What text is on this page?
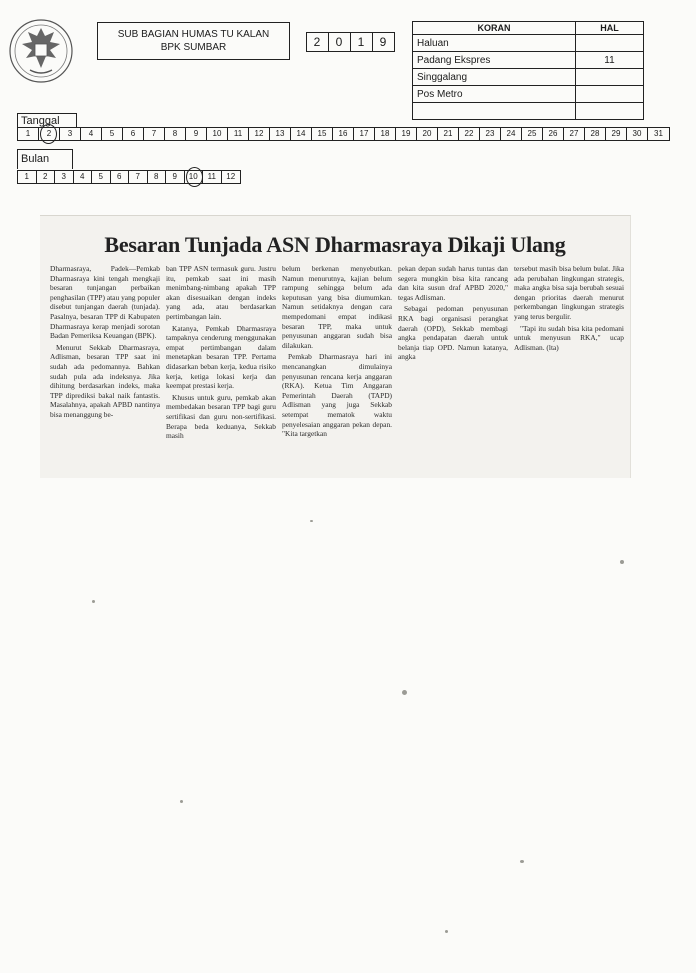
SUB BAGIAN HUMAS TU KALAN
BPK SUMBAR	2	0	1	9
KORAN	HAL
Haluan	
Padang Ekspres	11
Singgalang	
Pos Metro	

Tanggal
1	2	3	4	5	6	7	8	9	10	11	12	13	14	15	16	17	18	19	20	21	22	23	24	25	26	27	28	29	30	31
Bulan
1	2	3	4	5	6	7	8	9	10	11	12
Besaran Tunjada ASN Dharmasraya Dikaji Ulang

Dharmasraya, Padek—Pemkab Dharmasraya kini tengah mengkaji besaran tunjangan perbaikan penghasilan (TPP) atau yang populer disebut tunjangan daerah (tunjada). Pasalnya, besaran TPP di Kabupaten Dharmasraya kerap menjadi sorotan Badan Pemeriksa Keuangan (BPK).

Menurut Sekkab Dharmasraya, Adlisman, besaran TPP saat ini sudah ada pedomannya. Bahkan sudah pula ada indeksnya. Jika dihitung berdasarkan indeks, maka TPP diprediksi bakal naik fantastis. Masalahnya, apakah APBD nantinya bisa menanggung be-

ban TPP ASN termasuk guru. Justru itu, pemkab saat ini masih menimbang-nimbang apakah TPP akan disesuaikan dengan indeks yang ada, atau berdasarkan pertimbangan lain.

Katanya, Pemkab Dharmasraya tampaknya cenderung menggunakan empat pertimbangan dalam menetapkan besaran TPP. Pertama didasarkan beban kerja, kedua risiko kerja, ketiga lokasi kerja dan keempat prestasi kerja.

Khusus untuk guru, pemkab akan membedakan besaran TPP bagi guru sertifikasi dan guru non-sertifikasi. Berapa beda keduanya, Sekkab masih

belum berkenan menyebutkan. Namun menurutnya, kajian belum rampung sehingga belum ada keputusan yang bisa diumumkan. Namun setidaknya dengan cara mempedomani empat indikasi besaran TPP, maka untuk penyusunan anggaran sudah bisa dilakukan.

Pemkab Dharmasraya hari ini mencanangkan dimulainya penyusunan rencana kerja anggaran (RKA). Ketua Tim Anggaran Pemerintah Daerah (TAPD) Adlisman yang juga Sekkab setempat mematok waktu penyelesaian anggaran pekan depan. "Kita targetkan

pekan depan sudah harus tuntas dan segera mungkin bisa kita rancang dan kita susun draf APBD 2020," tegas Adlisman.

Sebagai pedoman penyusunan RKA bagi organisasi perangkat daerah (OPD), Sekkab membagi angka pendapatan daerah untuk belanja tiap OPD. Namun katanya, angka

tersebut masih bisa belum bulat. Jika ada perubahan lingkungan strategis, maka angka bisa saja berubah sesuai dengan prioritas daerah menurut perkembangan lingkungan strategis yang terus bergulir.

"Tapi itu sudah bisa kita pedomani untuk menyusun RKA," ucap Adlisman. (lta)
